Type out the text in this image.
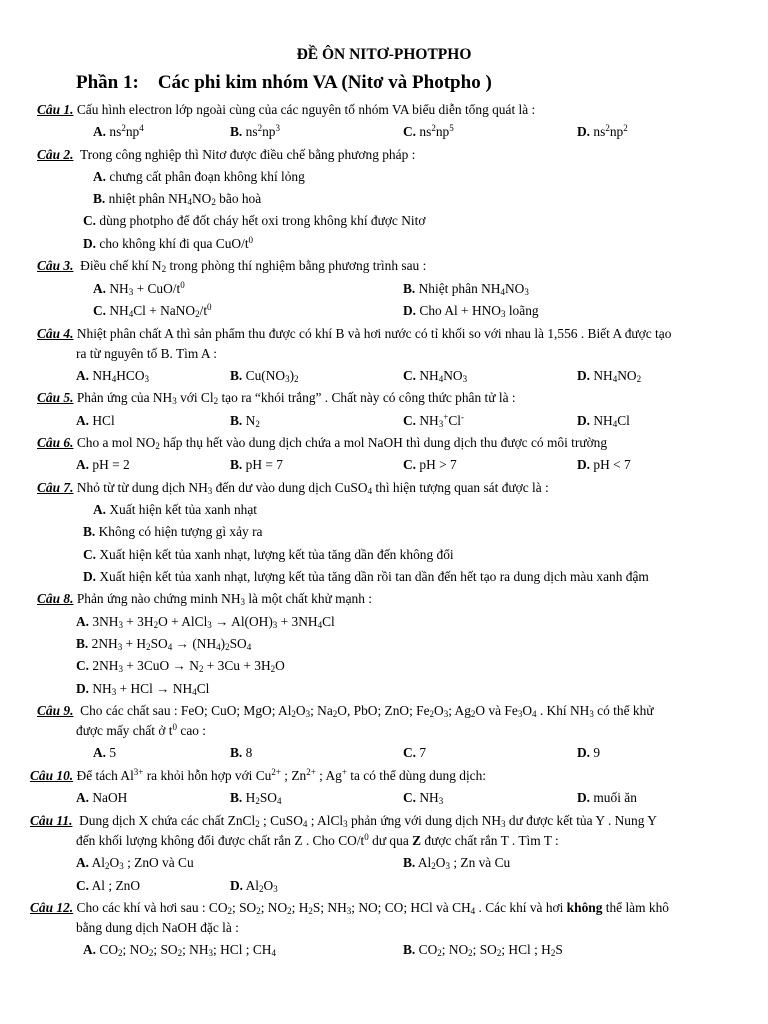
ĐỀ ÔN NITƠ-PHOTPHO
Phần 1: Các phi kim nhóm VA (Nitơ và Photpho )
Câu 1. Cấu hình electron lớp ngoài cùng của các nguyên tố nhóm VA biểu diễn tổng quát là :
A. $ns^2np^4$	B. $ns^2np^3$	C. $ns^2np^5$	D. $ns^2np^2$
Câu 2. Trong công nghiệp thì Nitơ được điều chế bằng phương pháp :
A. chưng cất phân đoạn không khí lỏng
B. nhiệt phân $NH_4NO_2$ bão hoà
C. dùng photpho để đốt cháy hết oxi trong không khí được Nitơ
D. cho không khí đi qua CuO/$t^0$
Câu 3. Điều chế khí $N_2$ trong phòng thí nghiệm bằng phương trình sau :
A. $NH_3 + CuO/t^0$	B. Nhiệt phân $NH_4NO_3$
C. $NH_4Cl$ + $NaNO_2/t^0$	D. Cho $Al + HNO_3$ loãng
Câu 4. Nhiệt phân chất A thì sản phẩm thu được có khí B và hơi nước có tỉ khối so với nhau là 1,556 . Biết A được tạo
ra từ nguyên tố B. Tìm A :
A. $NH_4HCO_3$	B. $Cu(NO_3)_2$	C. $NH_4NO_3$	D. $NH_4NO_2$
Câu 5. Phản ứng của $NH_3$ với $Cl_2$ tạo ra “khói trắng” . Chất này có công thức phân tử là :
A. HCl	B. $N_2$	C. $NH_3^+Cl^-$	D. $NH_4Cl$
Câu 6. Cho a mol $NO_2$ hấp thụ hết vào dung dịch chứa a mol NaOH thì dung dịch thu được có môi trường
A. pH = 2	B. pH = 7	C. pH > 7	D. pH < 7
Câu 7. Nhỏ từ từ dung dịch $NH_3$ đến dư vào dung dịch CuSO$_4$ thì hiện tượng quan sát được là :
A. Xuất hiện kết tủa xanh nhạt
B. Không có hiện tượng gì xảy ra
C. Xuất hiện kết tủa xanh nhạt, lượng kết tủa tăng dần đến không đổi
D. Xuất hiện kết tủa xanh nhạt, lượng kết tủa tăng dần rồi tan dần đến hết tạo ra dung dịch màu xanh đậm
Câu 8. Phản ứng nào chứng minh $NH_3$ là một chất khử mạnh :
A. $3NH_3 + 3H_2O$ + AlCl$_3$ → $Al(OH)_3 + 3NH_4Cl$
B. $2NH_3 + H_2SO_4 \to (NH_4)_2SO_4$
C. $2NH_3 + 3CuO \to N_2 + 3Cu + 3H_2O$
D. $NH_3$ + HCl → $NH_4Cl$
Câu 9. Cho các chất sau : FeO; CuO; MgO; $Al_2O_3$; $Na_2O$, PbO; ZnO; $Fe_2O_3$; $Ag_2O$ và $Fe_3O_4$ . Khí $NH_3$ có thể khử
được mấy chất ở $t^0$ cao :
A. 5	B. 8	C. 7	D. 9
Câu 10. Để tách $Al^{3+}$ ra khỏi hỗn hợp với $Cu^{2+}$ ; $Zn^{2+}$ ; Ag+ ta có thể dùng dung dịch:
A. NaOH	B. $H_2SO_4$	C. $NH_3$	D. muối ăn
Câu 11. Dung dịch X chứa các chất ZnCl$_2$ ; CuSO$_4$ ; AlCl$_3$ phản ứng với dung dịch $NH_3$ dư được kết tủa Y . Nung Y
đến khối lượng không đổi được chất rắn Z . Cho $CO/t^0$ dư qua Z được chất rắn T . Tìm T :
A. $Al_2O_3$ ; ZnO và Cu	B. $Al_2O_3$ ; Zn và Cu
C. Al ; ZnO	D. $Al_2O_3$
Câu 12. Cho các khí và hơi sau : $CO_2$; $SO_2$; $NO_2$; $H_2S$; $NH_3$; NO; CO; HCl và $CH_4$ . Các khí và hơi không thể làm khô
bằng dung dịch NaOH đặc là :
A. $CO_2$; $NO_2$; $SO_2$; $NH_3$; HCl ; $CH_4$	B. $CO_2$; $NO_2$; $SO_2$; HCl ; $H_2S$
